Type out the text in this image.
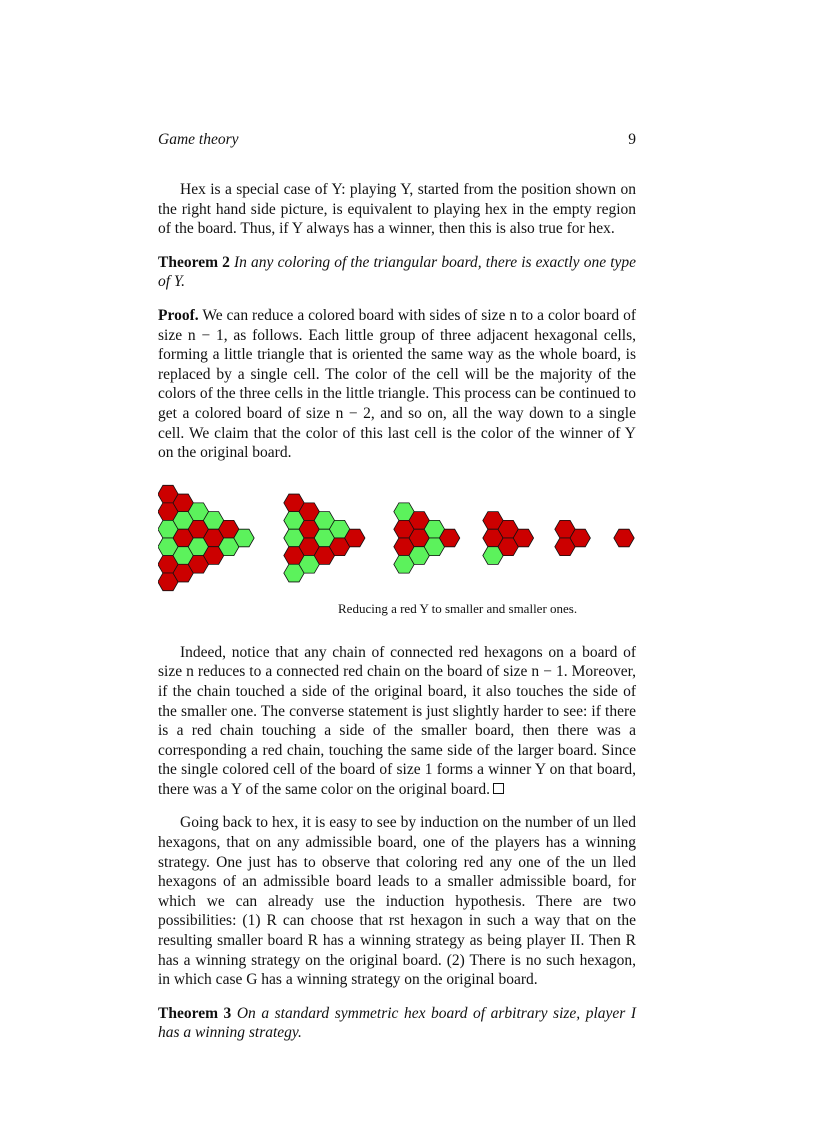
Game theory	9

Hex is a special case of Y: playing Y, started from the position shown on the right hand side picture, is equivalent to playing hex in the empty region of the board. Thus, if Y always has a winner, then this is also true for hex.

Theorem 2 In any coloring of the triangular board, there is exactly one type of Y.

Proof. We can reduce a colored board with sides of size n to a color board of size n − 1, as follows. Each little group of three adjacent hexagonal cells, forming a little triangle that is oriented the same way as the whole board, is replaced by a single cell. The color of the cell will be the majority of the colors of the three cells in the little triangle. This process can be continued to get a colored board of size n − 2, and so on, all the way down to a single cell. We claim that the color of this last cell is the color of the winner of Y on the original board.

Reducing a red Y to smaller and smaller ones.

Indeed, notice that any chain of connected red hexagons on a board of size n reduces to a connected red chain on the board of size n − 1. Moreover, if the chain touched a side of the original board, it also touches the side of the smaller one. The converse statement is just slightly harder to see: if there is a red chain touching a side of the smaller board, then there was a corresponding a red chain, touching the same side of the larger board. Since the single colored cell of the board of size 1 forms a winner Y on that board, there was a Y of the same color on the original board.

Going back to hex, it is easy to see by induction on the number of un lled hexagons, that on any admissible board, one of the players has a winning strategy. One just has to observe that coloring red any one of the un lled hexagons of an admissible board leads to a smaller admissible board, for which we can already use the induction hypothesis. There are two possibilities: (1) R can choose that rst hexagon in such a way that on the resulting smaller board R has a winning strategy as being player II. Then R has a winning strategy on the original board. (2) There is no such hexagon, in which case G has a winning strategy on the original board.

Theorem 3 On a standard symmetric hex board of arbitrary size, player I has a winning strategy.
